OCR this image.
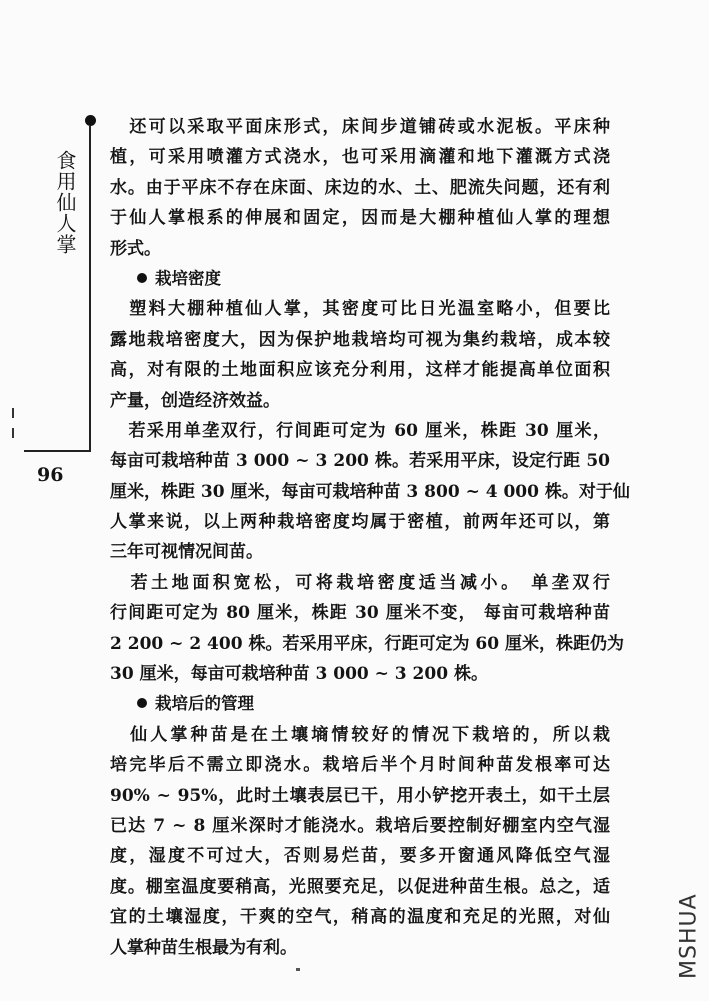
食用仙人掌
96
　还可以采取平面床形式，床间步道铺砖或水泥板。平床种
植，可采用喷灌方式浇水，也可采用滴灌和地下灌溉方式浇
水。由于平床不存在床面、床边的水、土、肥流失问题，还有利
于仙人掌根系的伸展和固定，因而是大棚种植仙人掌的理想
形式。
栽培密度
　塑料大棚种植仙人掌，其密度可比日光温室略小，但要比
露地栽培密度大，因为保护地栽培均可视为集约栽培，成本较
高，对有限的土地面积应该充分利用，这样才能提高单位面积
产量，创造经济效益。
　若采用单垄双行，行间距可定为 60 厘米，株距 30 厘米，
每亩可栽培种苗 3 000 ~ 3 200 株。若采用平床，设定行距 50
厘米，株距 30 厘米，每亩可栽培种苗 3 800 ~ 4 000 株。对于仙
人掌来说，以上两种栽培密度均属于密植，前两年还可以，第
三年可视情况间苗。
　若土地面积宽松，可将栽培密度适当减小。 单垄双行
行间距可定为 80 厘米，株距 30 厘米不变， 每亩可栽培种苗
2 200 ~ 2 400 株。若采用平床，行距可定为 60 厘米，株距仍为
30 厘米，每亩可栽培种苗 3 000 ~ 3 200 株。
栽培后的管理
　仙人掌种苗是在土壤墒情较好的情况下栽培的，所以栽
培完毕后不需立即浇水。栽培后半个月时间种苗发根率可达
90% ~ 95%，此时土壤表层已干，用小铲挖开表土，如干土层
已达 7 ~ 8 厘米深时才能浇水。栽培后要控制好棚室内空气湿
度，湿度不可过大，否则易烂苗，要多开窗通风降低空气湿
度。棚室温度要稍高，光照要充足，以促进种苗生根。总之，适
宜的土壤湿度，干爽的空气，稍高的温度和充足的光照，对仙
人掌种苗生根最为有利。	MSHUA
